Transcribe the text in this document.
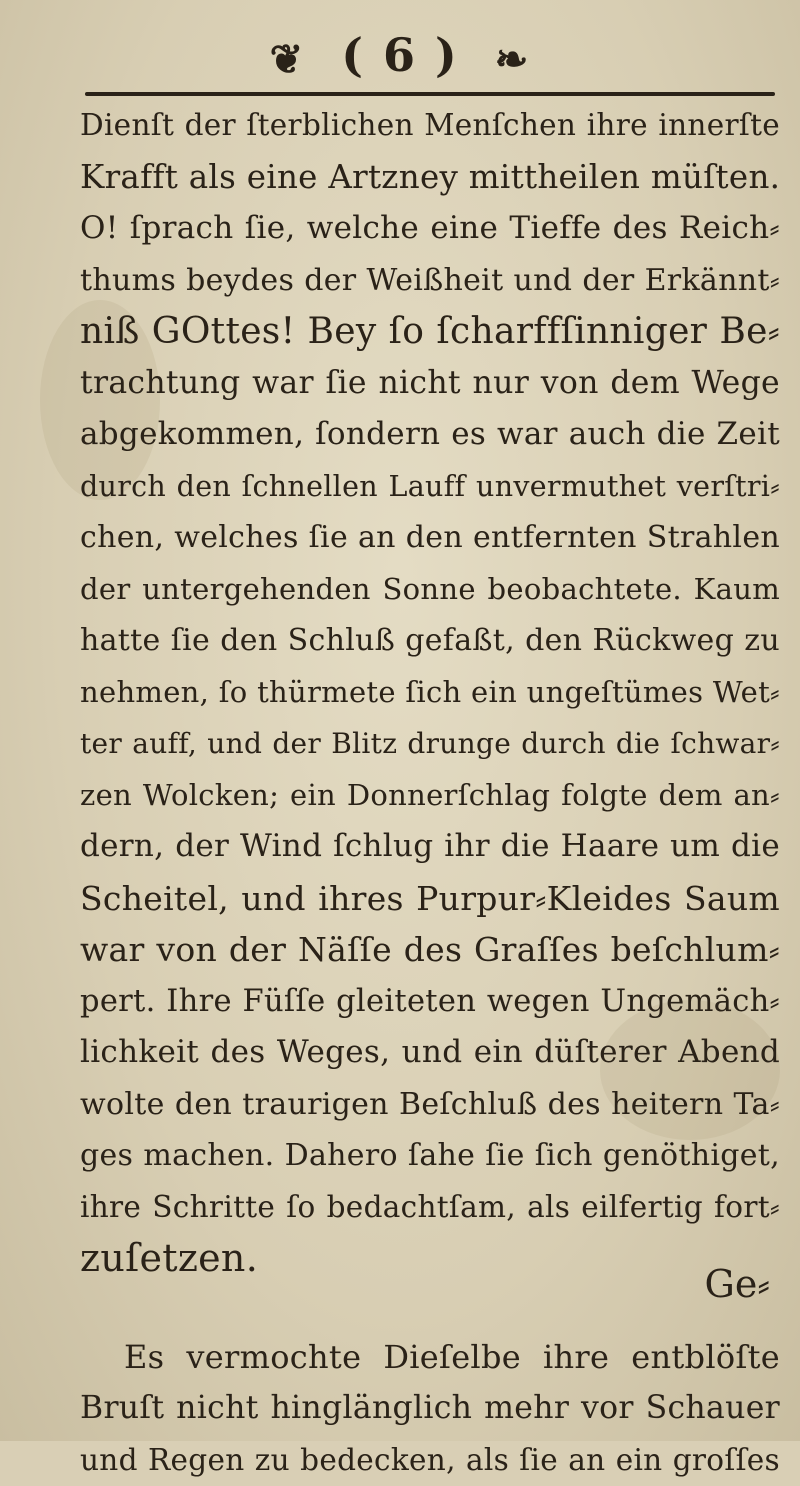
❦ ( 6 ) ❧
Dienſt der ſterblichen Menſchen ihre innerſte
Krafft als eine Artzney mittheilen müſten.
O! ſprach ſie, welche eine Tieffe des Reich⸗
thums beydes der Weißheit und der Erkännt⸗
niß GOttes! Bey ſo ſcharffſinniger Be⸗
trachtung war ſie nicht nur von dem Wege
abgekommen, ſondern es war auch die Zeit
durch den ſchnellen Lauff unvermuthet verſtri⸗
chen, welches ſie an den entfernten Strahlen
der untergehenden Sonne beobachtete. Kaum
hatte ſie den Schluß gefaßt, den Rückweg zu
nehmen, ſo thürmete ſich ein ungeſtümes Wet⸗
ter auff, und der Blitz drunge durch die ſchwar⸗
zen Wolcken; ein Donnerſchlag folgte dem an⸗
dern, der Wind ſchlug ihr die Haare um die
Scheitel, und ihres Purpur⸗Kleides Saum
war von der Näſſe des Graſſes beſchlum⸗
pert. Ihre Füſſe gleiteten wegen Ungemäch⸗
lichkeit des Weges, und ein düſterer Abend
wolte den traurigen Beſchluß des heitern Ta⸗
ges machen. Dahero ſahe ſie ſich genöthiget,
ihre Schritte ſo bedachtſam, als eilfertig fort⸗
zuſetzen.
Es vermochte Dieſelbe ihre entblöſte
Bruſt nicht hinglänglich mehr vor Schauer
und Regen zu bedecken, als ſie an ein groſſes
Ge⸗
